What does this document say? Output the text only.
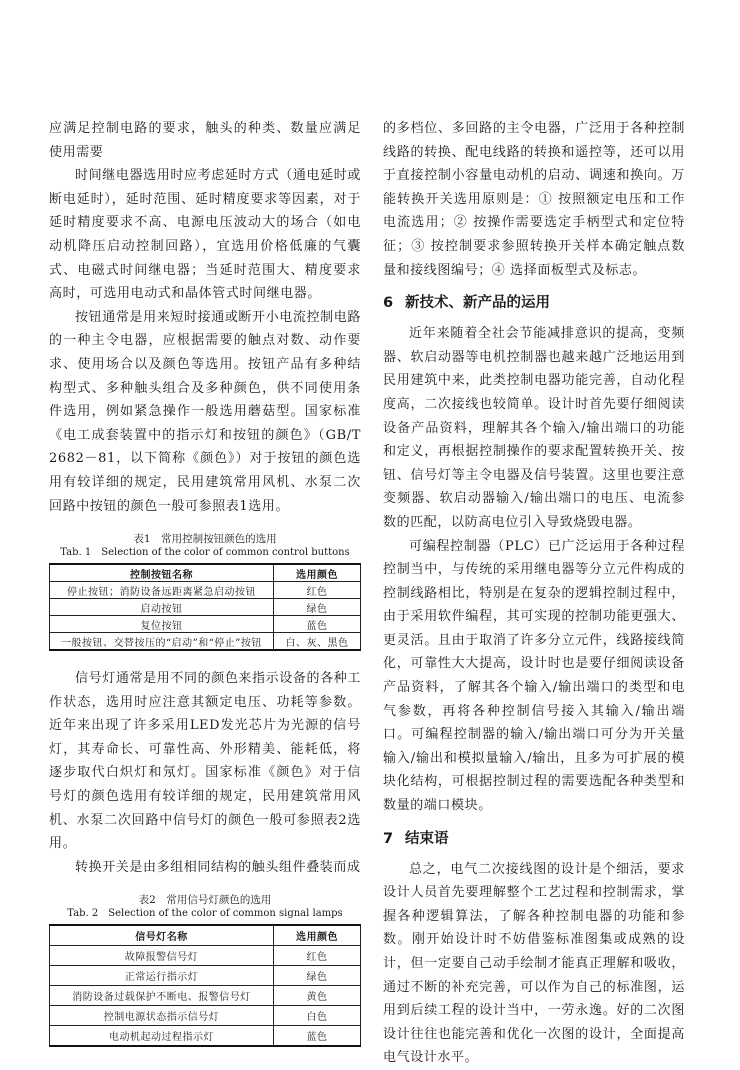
应满足控制电路的要求，触头的种类、数量应满足使用需要

时间继电器选用时应考虑延时方式（通电延时或断电延时），延时范围、延时精度要求等因素，对于延时精度要求不高、电源电压波动大的场合（如电动机降压启动控制回路），宜选用价格低廉的气囊式、电磁式时间继电器；当延时范围大、精度要求高时，可选用电动式和晶体管式时间继电器。

按钮通常是用来短时接通或断开小电流控制电路的一种主令电器，应根据需要的触点对数、动作要求、使用场合以及颜色等选用。按钮产品有多种结构型式、多种触头组合及多种颜色，供不同使用条件选用，例如紧急操作一般选用蘑菇型。国家标准《电工成套装置中的指示灯和按钮的颜色》（GB/T 2682－81，以下简称《颜色》）对于按钮的颜色选用有较详细的规定，民用建筑常用风机、水泵二次回路中按钮的颜色一般可参照表1选用。

表1　常用控制按钮颜色的选用

Tab. 1　Selection of the color of common control buttons

控制按钮名称	选用颜色
停止按钮；消防设备远距离紧急启动按钮	红色
启动按钮	绿色
复位按钮	蓝色
一般按钮、交替按压的“启动”和“停止”按钮	白、灰、黑色

信号灯通常是用不同的颜色来指示设备的各种工作状态，选用时应注意其额定电压、功耗等参数。近年来出现了许多采用LED发光芯片为光源的信号灯，其寿命长、可靠性高、外形精美、能耗低，将逐步取代白炽灯和氖灯。国家标准《颜色》对于信号灯的颜色选用有较详细的规定，民用建筑常用风机、水泵二次回路中信号灯的颜色一般可参照表2选用。

转换开关是由多组相同结构的触头组件叠装而成

表2　常用信号灯颜色的选用

Tab. 2　Selection of the color of common signal lamps

信号灯名称	选用颜色
故障报警信号灯	红色
正常运行指示灯	绿色
消防设备过载保护不断电、报警信号灯	黄色
控制电源状态指示信号灯	白色
电动机起动过程指示灯	蓝色

的多档位、多回路的主令电器，广泛用于各种控制线路的转换、配电线路的转换和遥控等，还可以用于直接控制小容量电动机的启动、调速和换向。万能转换开关选用原则是：① 按照额定电压和工作电流选用；② 按操作需要选定手柄型式和定位特征；③ 按控制要求参照转换开关样本确定触点数量和接线图编号；④ 选择面板型式及标志。

6 新技术、新产品的运用

近年来随着全社会节能减排意识的提高，变频器、软启动器等电机控制器也越来越广泛地运用到民用建筑中来，此类控制电器功能完善，自动化程度高，二次接线也较简单。设计时首先要仔细阅读设备产品资料，理解其各个输入/输出端口的功能和定义，再根据控制操作的要求配置转换开关、按钮、信号灯等主令电器及信号装置。这里也要注意变频器、软启动器输入/输出端口的电压、电流参数的匹配，以防高电位引入导致烧毁电器。

可编程控制器（PLC）已广泛运用于各种过程控制当中，与传统的采用继电器等分立元件构成的控制线路相比，特别是在复杂的逻辑控制过程中，由于采用软件编程，其可实现的控制功能更强大、更灵活。且由于取消了许多分立元件，线路接线简化，可靠性大大提高，设计时也是要仔细阅读设备产品资料，了解其各个输入/输出端口的类型和电气参数，再将各种控制信号接入其输入/输出端口。可编程控制器的输入/输出端口可分为开关量输入/输出和模拟量输入/输出，且多为可扩展的模块化结构，可根据控制过程的需要选配各种类型和数量的端口模块。

7 结束语

总之，电气二次接线图的设计是个细活，要求设计人员首先要理解整个工艺过程和控制需求，掌握各种逻辑算法，了解各种控制电器的功能和参数。刚开始设计时不妨借鉴标准图集或成熟的设计，但一定要自己动手绘制才能真正理解和吸收，通过不断的补充完善，可以作为自己的标准图，运用到后续工程的设计当中，一劳永逸。好的二次图设计往往也能完善和优化一次图的设计，全面提高电气设计水平。
